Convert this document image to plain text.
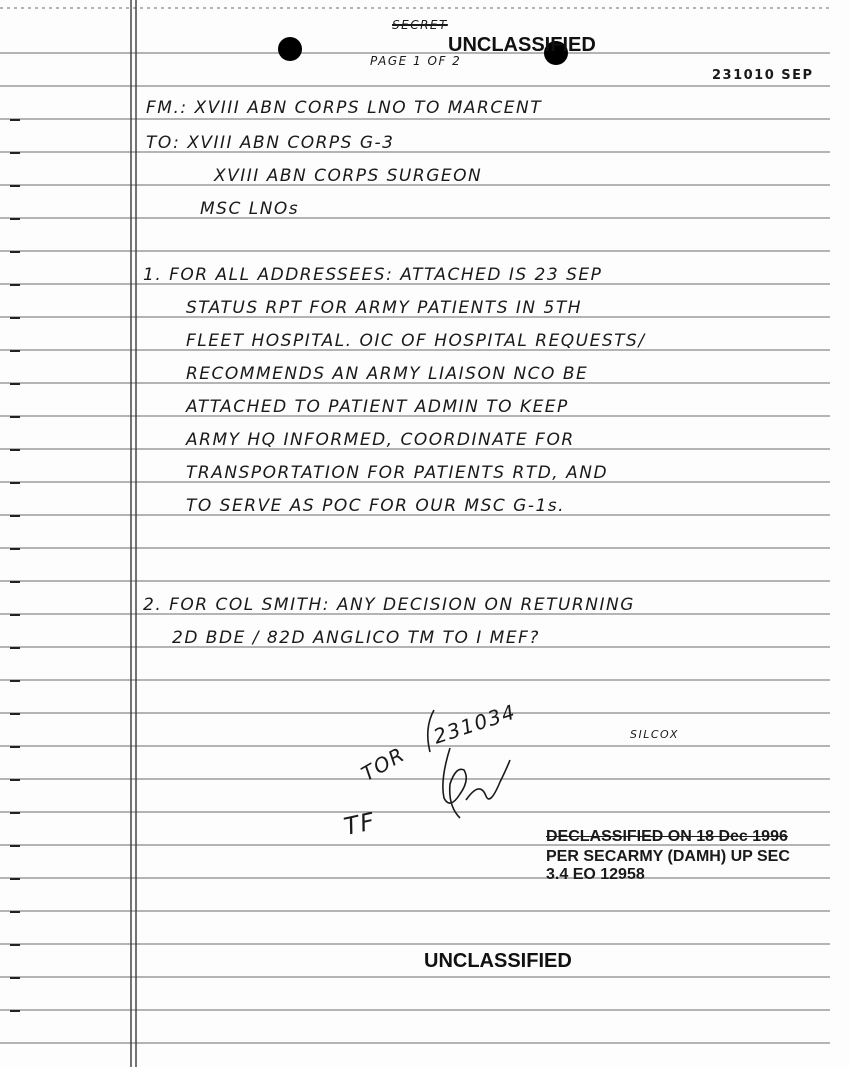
SECRET
UNCLASSIFIED
PAGE 1 OF 2
231010 SEP
FM.: XVIII ABN CORPS LNO TO MARCENT
TO: XVIII ABN CORPS G-3
XVIII ABN CORPS SURGEON
MSC LNOs
1. FOR ALL ADDRESSEES: ATTACHED IS 23 SEP
STATUS RPT FOR ARMY PATIENTS IN 5TH
FLEET HOSPITAL. OIC OF HOSPITAL REQUESTS/
RECOMMENDS AN ARMY LIAISON NCO BE
ATTACHED TO PATIENT ADMIN TO KEEP
ARMY HQ INFORMED, COORDINATE FOR
TRANSPORTATION FOR PATIENTS RTD, AND
TO SERVE AS POC FOR OUR MSC G-1s.
2. FOR COL SMITH: ANY DECISION ON RETURNING
2D BDE / 82D ANGLICO TM TO I MEF?
TOR
231034	SILCOX
TF	DECLASSIFIED ON 18 Dec 1996
PER SECARMY (DAMH) UP SEC
3.4 EO 12958
UNCLASSIFIED
